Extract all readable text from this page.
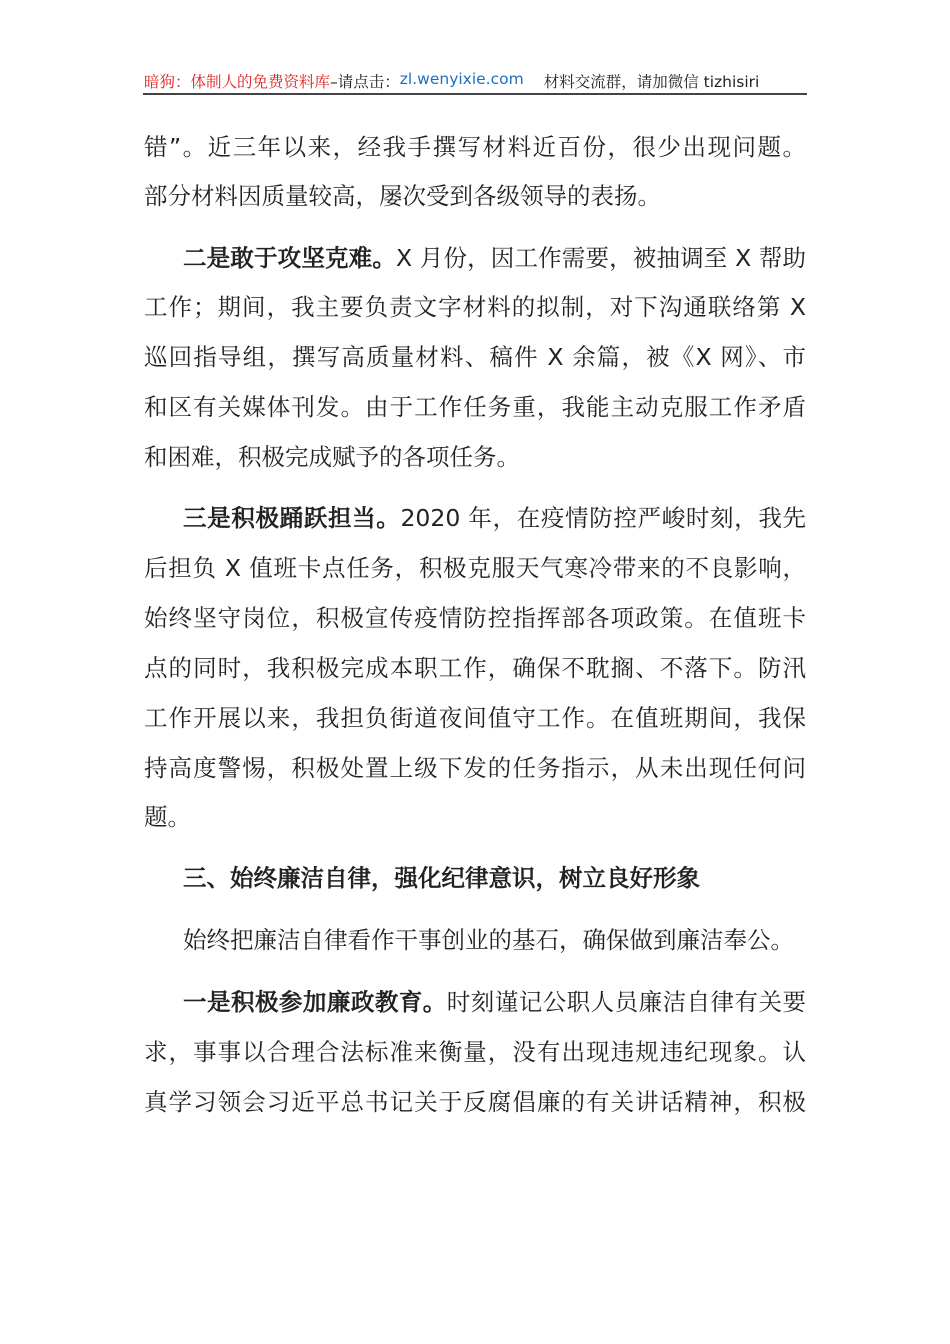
暗狗：体制人的免费资料库 –请点击： zl.wenyixie.com 材料交流群，请加微信 tizhisiri
错”。近三年以来，经我手撰写材料近百份，很少出现问题。
部分材料因质量较高，屡次受到各级领导的表扬。
二是敢于攻坚克难。X 月份，因工作需要，被抽调至 X 帮助
工作；期间，我主要负责文字材料的拟制，对下沟通联络第 X
巡回指导组，撰写高质量材料、稿件 X 余篇，被《X 网》、市
和区有关媒体刊发。由于工作任务重，我能主动克服工作矛盾
和困难，积极完成赋予的各项任务。
三是积极踊跃担当。2020 年，在疫情防控严峻时刻，我先
后担负 X 值班卡点任务，积极克服天气寒冷带来的不良影响，
始终坚守岗位，积极宣传疫情防控指挥部各项政策。在值班卡
点的同时，我积极完成本职工作，确保不耽搁、不落下。防汛
工作开展以来，我担负街道夜间值守工作。在值班期间，我保
持高度警惕，积极处置上级下发的任务指示，从未出现任何问
题。
三、始终廉洁自律，强化纪律意识，树立良好形象
始终把廉洁自律看作干事创业的基石，确保做到廉洁奉公。
一是积极参加廉政教育。时刻谨记公职人员廉洁自律有关要
求，事事以合理合法标准来衡量，没有出现违规违纪现象。认
真学习领会习近平总书记关于反腐倡廉的有关讲话精神，积极
